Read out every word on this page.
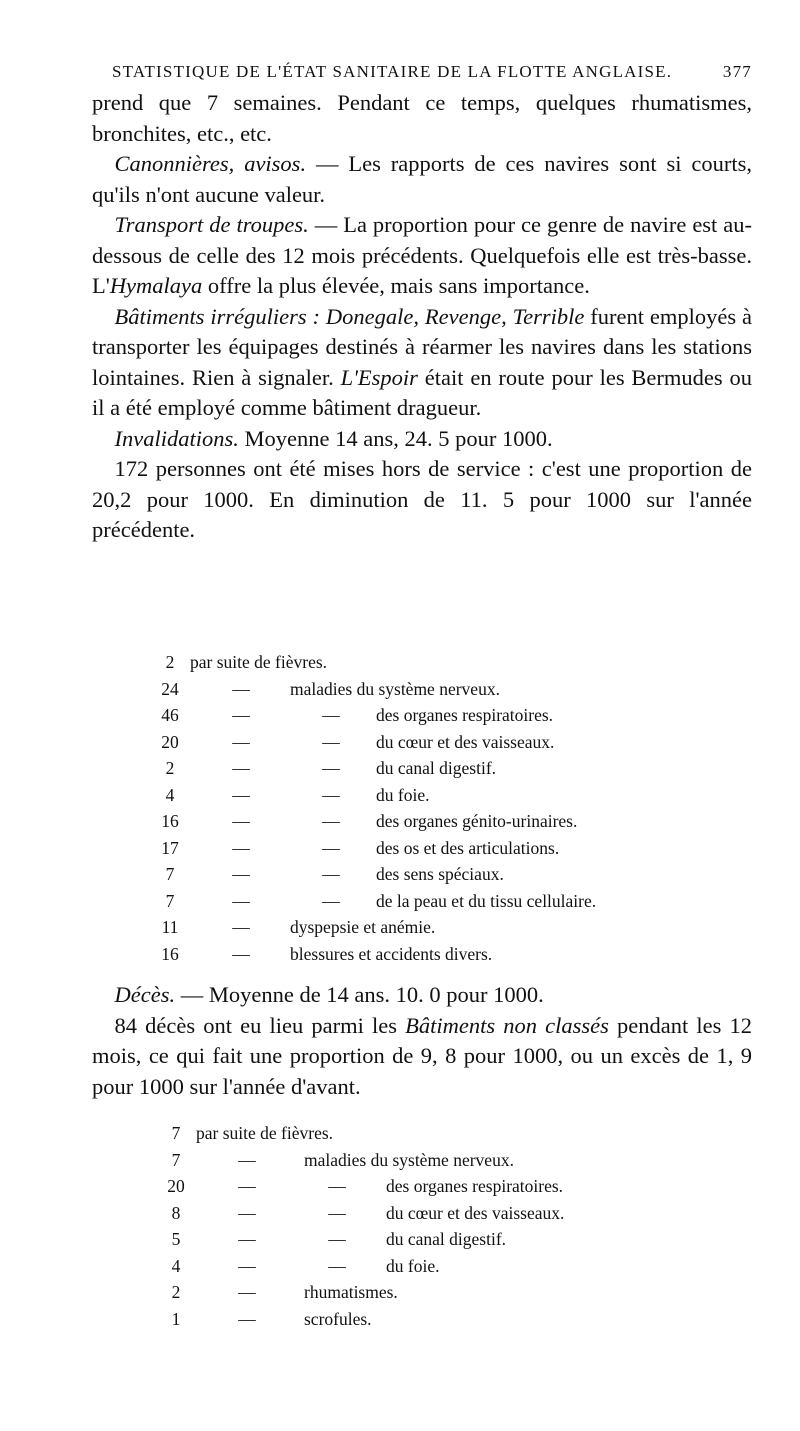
STATISTIQUE DE L'ÉTAT SANITAIRE DE LA FLOTTE ANGLAISE.	377

prend que 7 semaines. Pendant ce temps, quelques rhumatismes, bronchites, etc., etc.

 Canonnières, avisos. — Les rapports de ces navires sont si courts, qu'ils n'ont aucune valeur.

 Transport de troupes. — La proportion pour ce genre de navire est au-dessous de celle des 12 mois précédents. Quelquefois elle est très-basse. L'Hymalaya offre la plus élevée, mais sans importance.

 Bâtiments irréguliers : Donegale, Revenge, Terrible furent employés à transporter les équipages destinés à réarmer les navires dans les stations lointaines. Rien à signaler. L'Espoir était en route pour les Bermudes ou il a été employé comme bâtiment dragueur.

 Invalidations. Moyenne 14 ans, 24. 5 pour 1000.

 172 personnes ont été mises hors de service : c'est une proportion de 20,2 pour 1000. En diminution de 11. 5 pour 1000 sur l'année précédente.

2 par suite de fièvres.
24	—	maladies du système nerveux.
46	—	—	des organes respiratoires.
20	—	—	du cœur et des vaisseaux.
2	—	—	du canal digestif.
4	—	—	du foie.
16	—	—	des organes génito-urinaires.
17	—	—	des os et des articulations.
7	—	—	des sens spéciaux.
7	—	—	de la peau et du tissu cellulaire.
11	—	dyspepsie et anémie.
16	—	blessures et accidents divers.

 Décès. — Moyenne de 14 ans. 10. 0 pour 1000.

 84 décès ont eu lieu parmi les Bâtiments non classés pendant les 12 mois, ce qui fait une proportion de 9, 8 pour 1000, ou un excès de 1, 9 pour 1000 sur l'année d'avant.

7 par suite de fièvres.
7	—	maladies du système nerveux.
20	—	—	des organes respiratoires.
8	—	—	du cœur et des vaisseaux.
5	—	—	du canal digestif.
4	—	—	du foie.
2	—	rhumatismes.
1	—	scrofules.
